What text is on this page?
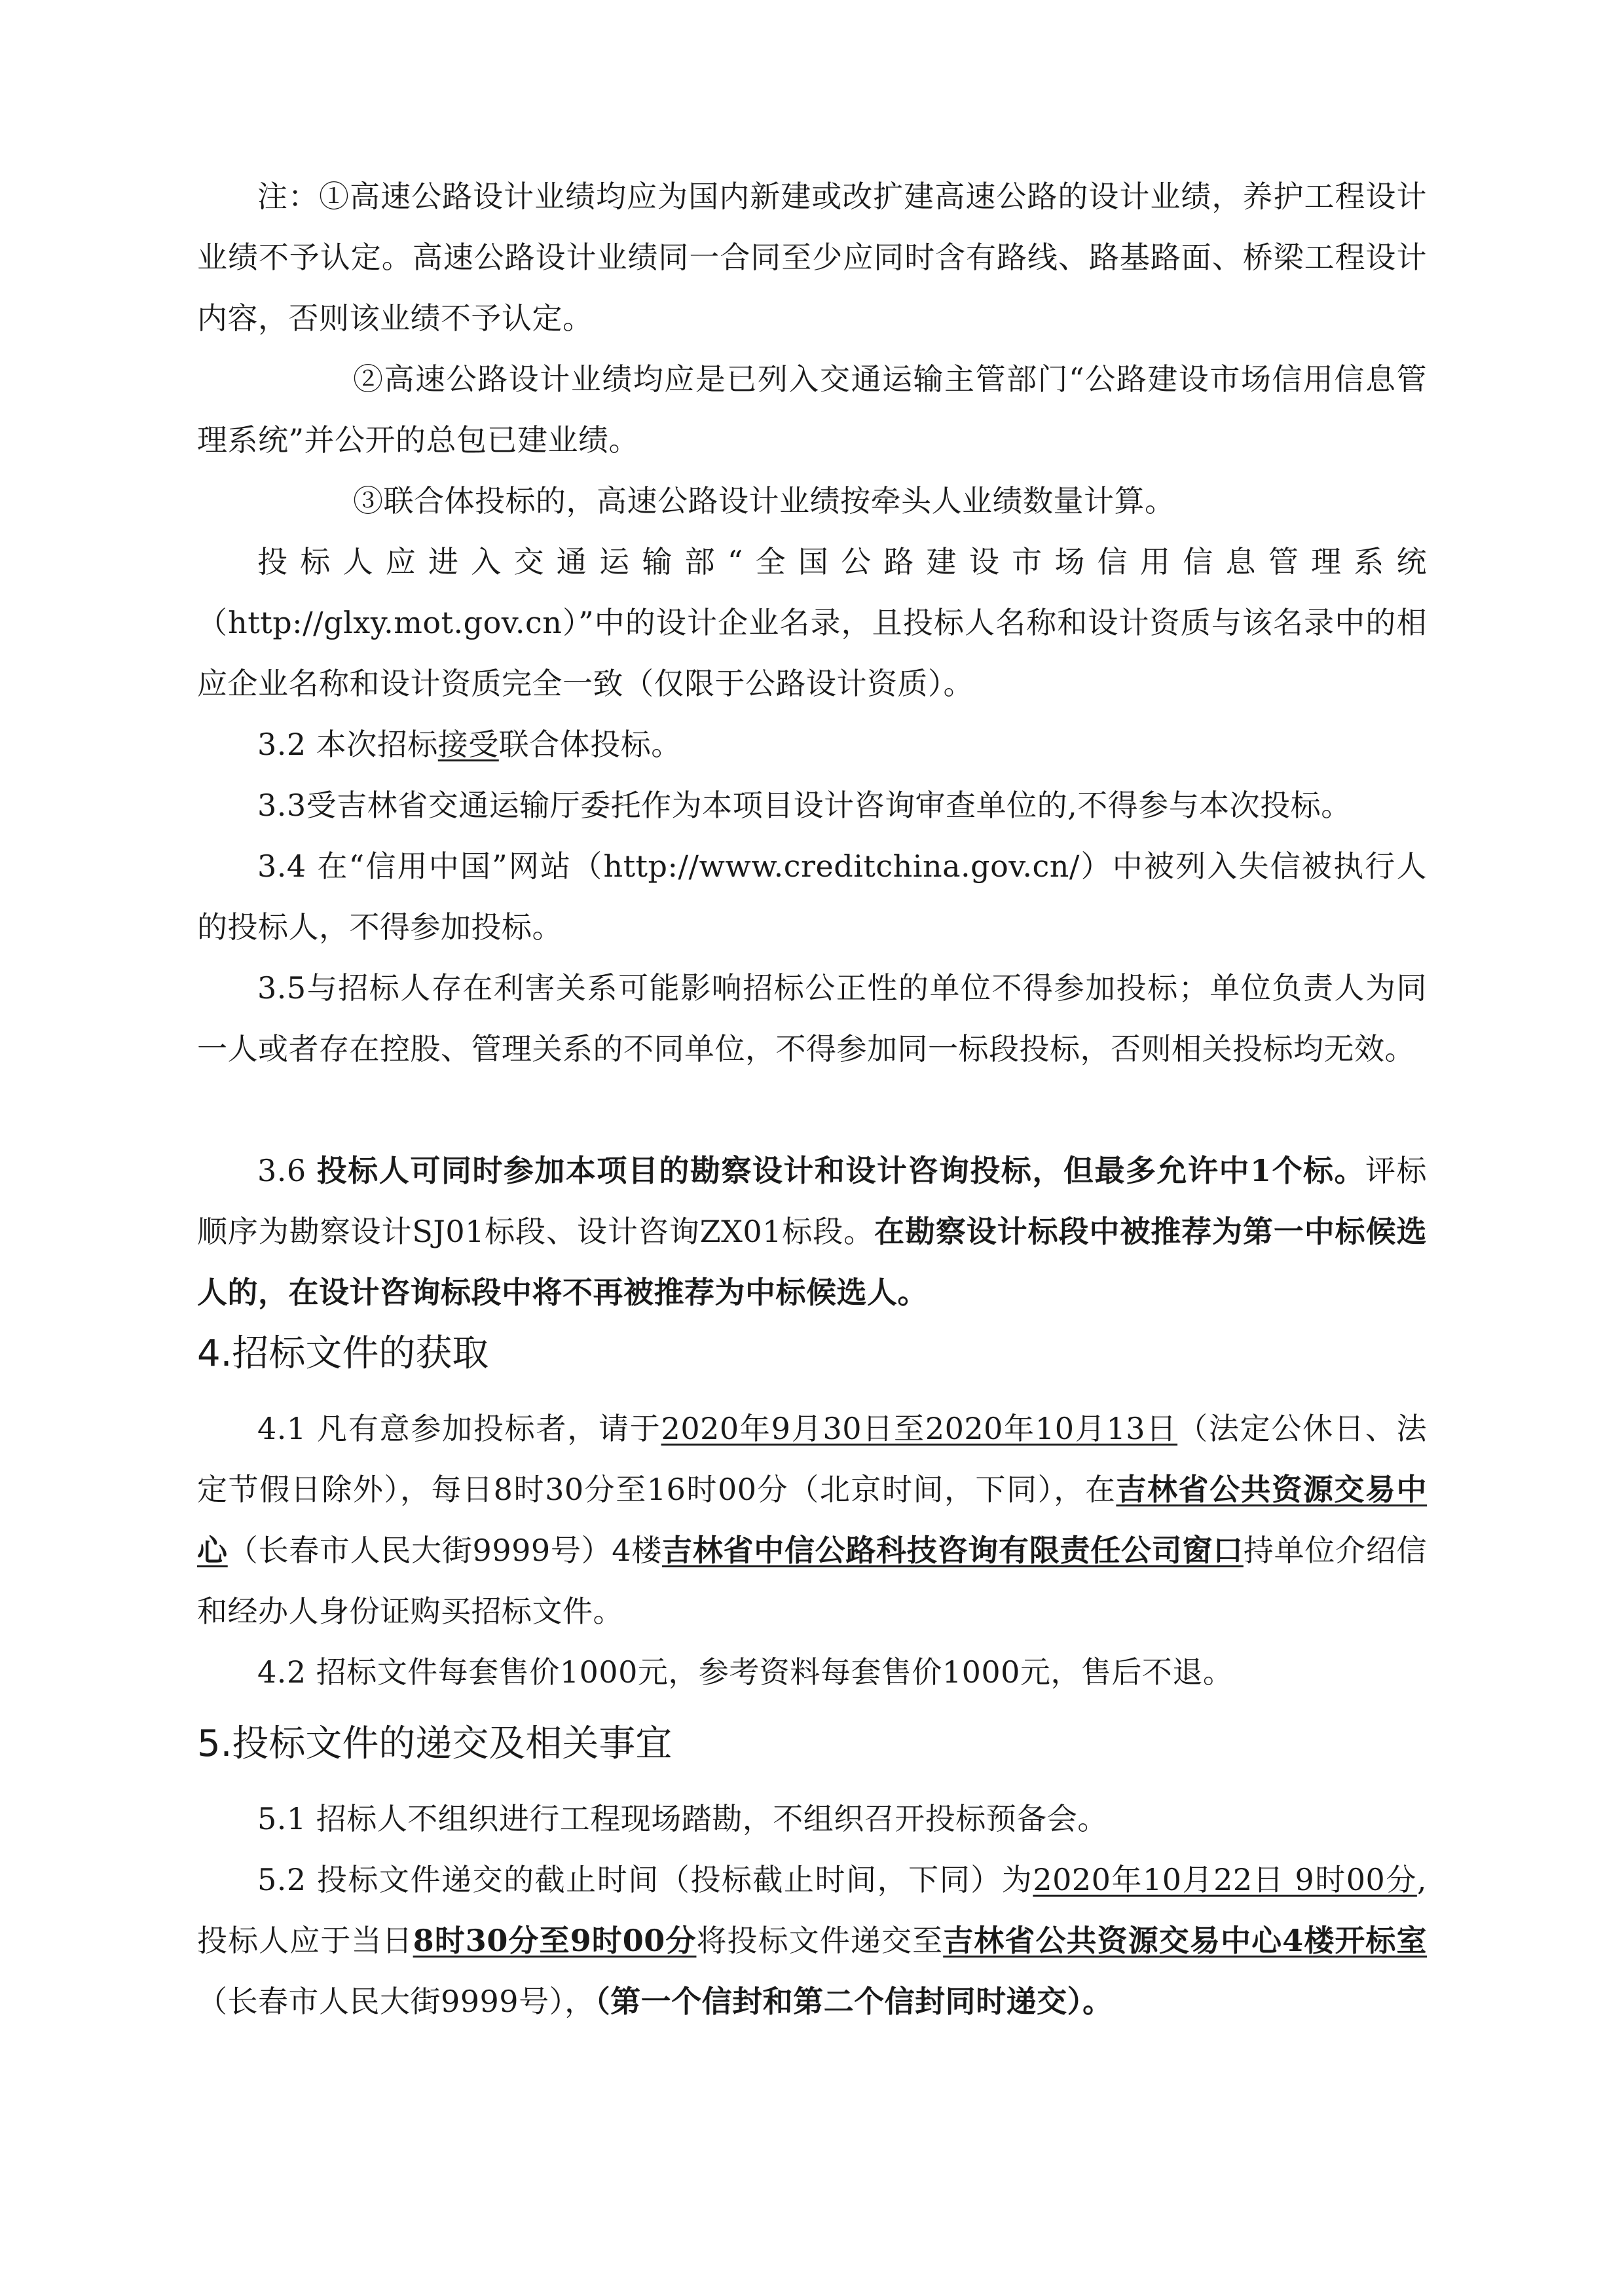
注：①高速公路设计业绩均应为国内新建或改扩建高速公路的设计业绩，养护工程设计业绩不予认定。高速公路设计业绩同一合同至少应同时含有路线、路基路面、桥梁工程设计内容，否则该业绩不予认定。

②高速公路设计业绩均应是已列入交通运输主管部门“公路建设市场信用信息管理系统”并公开的总包已建业绩。

③联合体投标的，高速公路设计业绩按牵头人业绩数量计算。

投标人应进入交通运输部“全国公路建设市场信用信息管理系统（http://glxy.mot.gov.cn）”中的设计企业名录，且投标人名称和设计资质与该名录中的相应企业名称和设计资质完全一致（仅限于公路设计资质）。

3.2 本次招标接受联合体投标。

3.3受吉林省交通运输厅委托作为本项目设计咨询审查单位的,不得参与本次投标。

3.4 在“信用中国”网站（http://www.creditchina.gov.cn/）中被列入失信被执行人的投标人，不得参加投标。

3.5与招标人存在利害关系可能影响招标公正性的单位不得参加投标；单位负责人为同一人或者存在控股、管理关系的不同单位，不得参加同一标段投标，否则相关投标均无效。

3.6 投标人可同时参加本项目的勘察设计和设计咨询投标，但最多允许中1个标。评标顺序为勘察设计SJ01标段、设计咨询ZX01标段。在勘察设计标段中被推荐为第一中标候选人的，在设计咨询标段中将不再被推荐为中标候选人。

4.招标文件的获取

4.1 凡有意参加投标者，请于2020年9月30日至2020年10月13日（法定公休日、法定节假日除外），每日8时30分至16时00分（北京时间，下同），在吉林省公共资源交易中心（长春市人民大街9999号）4楼吉林省中信公路科技咨询有限责任公司窗口持单位介绍信和经办人身份证购买招标文件。

4.2 招标文件每套售价1000元，参考资料每套售价1000元，售后不退。

5.投标文件的递交及相关事宜

5.1 招标人不组织进行工程现场踏勘，不组织召开投标预备会。

5.2 投标文件递交的截止时间（投标截止时间，下同）为2020年10月22日 9时00分,投标人应于当日8时30分至9时00分将投标文件递交至吉林省公共资源交易中心4楼开标室（长春市人民大街9999号），（第一个信封和第二个信封同时递交）。
